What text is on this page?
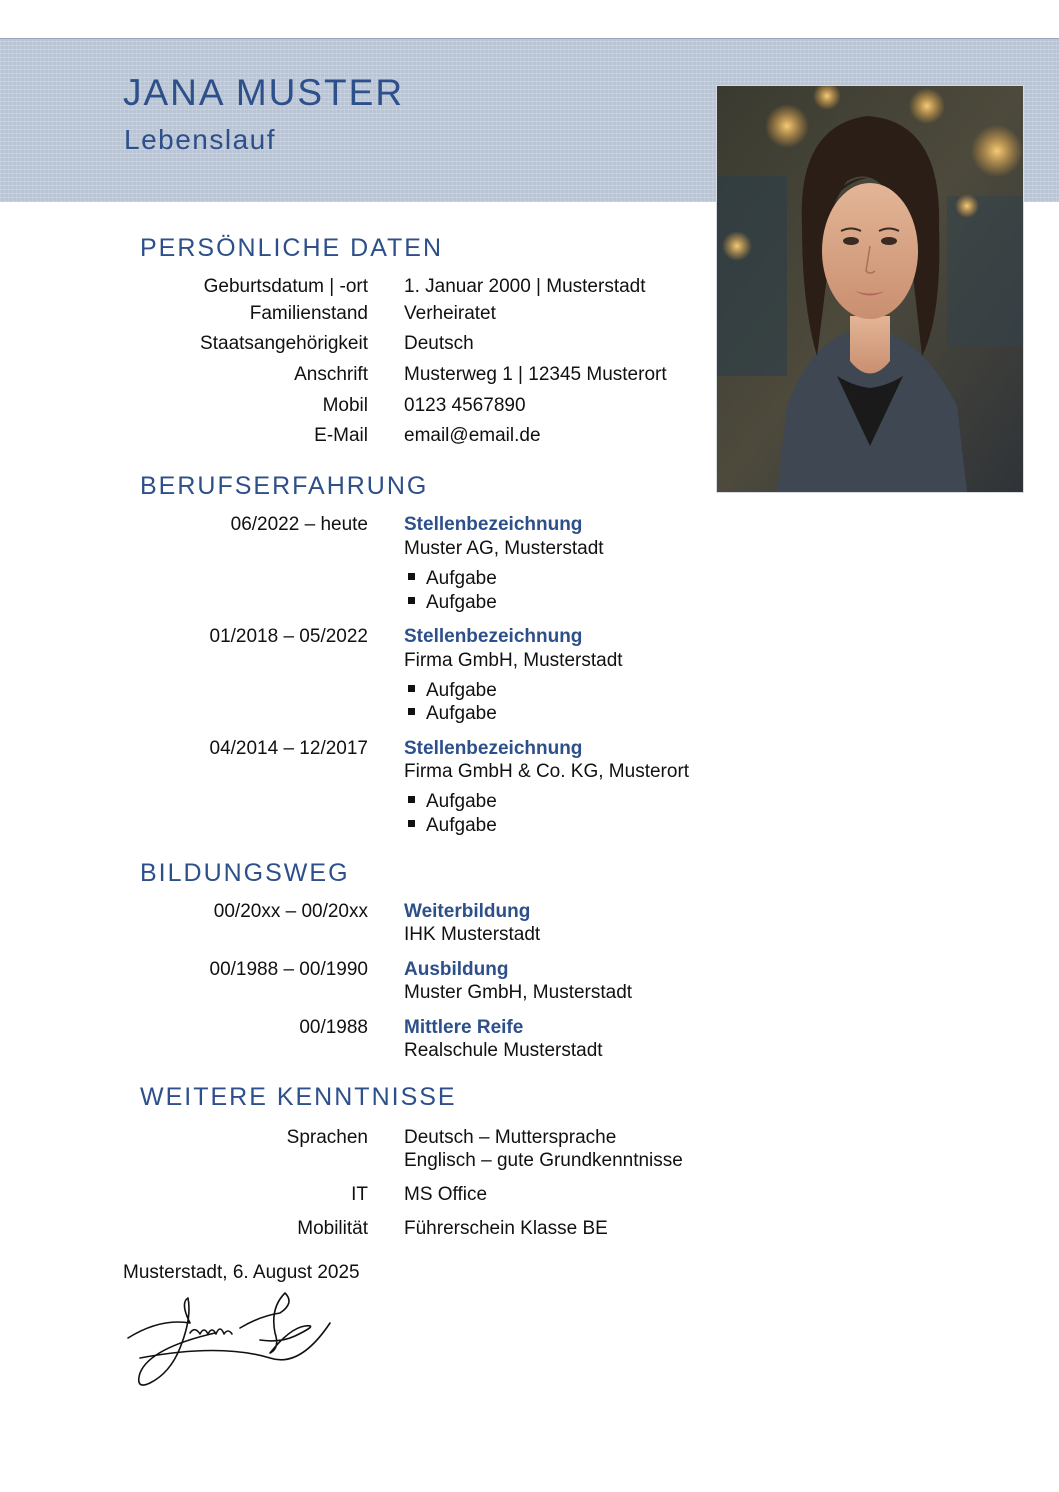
JANA MUSTER
Lebenslauf
PERSÖNLICHE DATEN
Geburtsdatum | -ort 1. Januar 2000 | Musterstadt
Familienstand Verheiratet
Staatsangehörigkeit Deutsch
Anschrift Musterweg 1 | 12345 Musterort
Mobil 0123 4567890
E-Mail email@email.de
BERUFSERFAHRUNG
06/2022 – heute Stellenbezeichnung
Muster AG, Musterstadt
Aufgabe
Aufgabe
01/2018 – 05/2022 Stellenbezeichnung
Firma GmbH, Musterstadt
Aufgabe
Aufgabe
04/2014 – 12/2017 Stellenbezeichnung
Firma GmbH & Co. KG, Musterort
Aufgabe
Aufgabe
BILDUNGSWEG
00/20xx – 00/20xx Weiterbildung
IHK Musterstadt
00/1988 – 00/1990 Ausbildung
Muster GmbH, Musterstadt
00/1988 Mittlere Reife
Realschule Musterstadt
WEITERE KENNTNISSE
Sprachen Deutsch – Muttersprache
Englisch – gute Grundkenntnisse
IT MS Office
Mobilität Führerschein Klasse BE
Musterstadt, 6. August 2025
